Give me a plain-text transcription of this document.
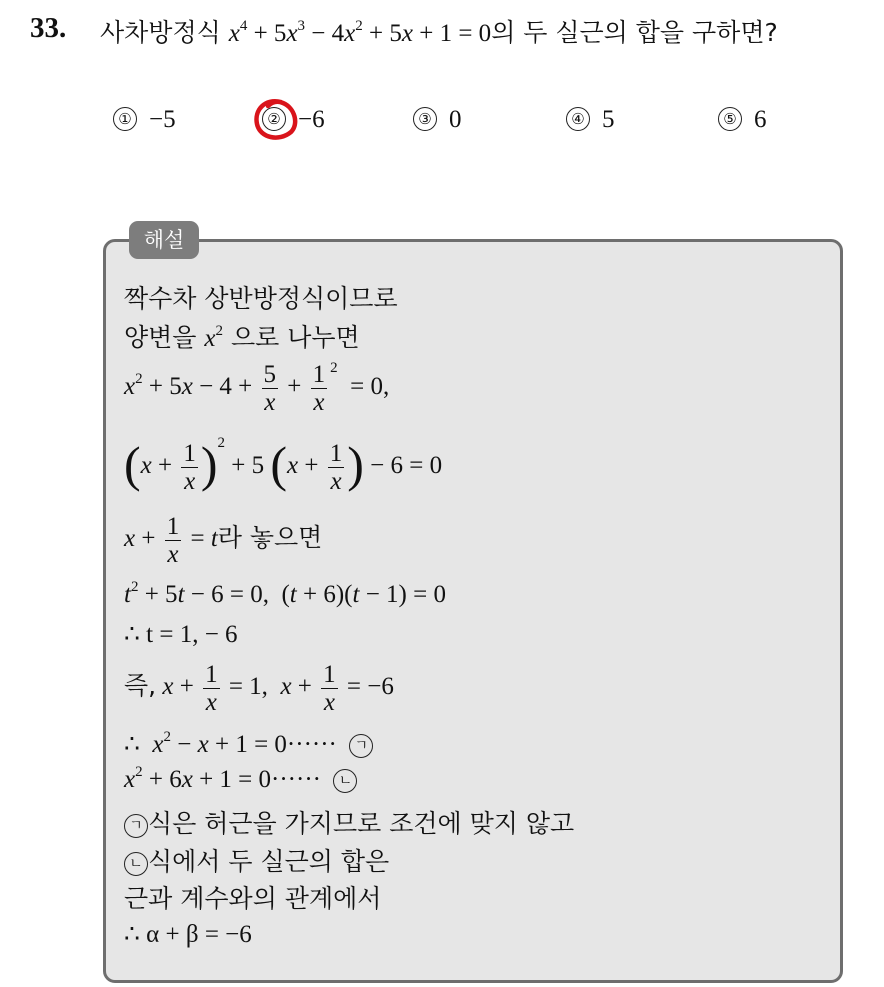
33. 사차방정식 $x^4 + 5x^3 - 4x^2 + 5x + 1 = 0$의 두 실근의 합을 구하면?
① −5	② −6	③ 0	④ 5	⑤ 6
해설
짝수차 상반방정식이므로
양변을 $x^2$ 으로 나누면
$x^2 + 5x - 4 + \frac{5}{x} + \frac{1}{x} ^2 = 0$,
$(x + \frac{1}{x} )^2 + 5$ ($x + \frac{1}{x}$ ) − 6 = 0
$x + \frac{1}{x} = t$라 놓으면
$t^2 + 5t - 6 = 0$,  (t + 6)(t − 1) = 0
∴ t = 1, − 6
즉, $x + \frac{1}{x} = 1$,  $x + \frac{1}{x} = -6$
∴  $x^2 - x + 1 = 0\cdot\cdot\cdot\cdot\cdot\cdot$  ㄱ
$x^2 + 6x + 1 = 0\cdot\cdot\cdot\cdot\cdot\cdot$  ㄴ
ㄱ 식은 허근을 가지므로 조건에 맞지 않고
ㄴ 식에서 두 실근의 합은
근과 계수와의 관계에서
∴ α + β = −6
